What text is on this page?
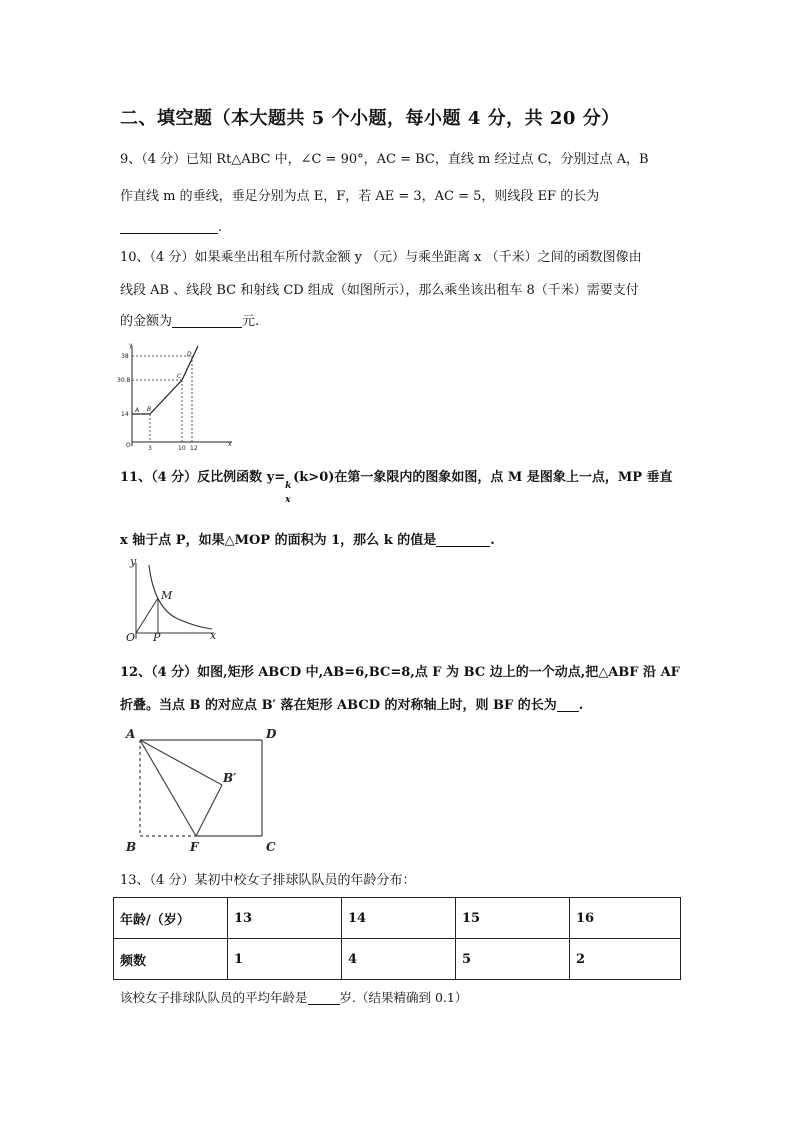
二、填空题（本大题共 5 个小题，每小题 4 分，共 20 分）
9、（4 分）已知 Rt△ABC 中，∠C = 90°，AC = BC，直线 m 经过点 C，分别过点 A，B
作直线 m 的垂线，垂足分别为点 E，F，若 AE = 3，AC = 5，则线段 EF 的长为
.
10、（4 分）如果乘坐出租车所付款金额 y （元）与乘坐距离 x （千米）之间的函数图像由
线段 AB 、线段 BC 和射线 CD 组成（如图所示），那么乘坐该出租车 8（千米）需要支付
的金额为	元.
y
x
O
38
30.8
14
3	10 12
A B
C
D
11、（4 分）反比例函数 y=
k
x
(k>0)在第一象限内的图象如图，点 M 是图象上一点，MP 垂直
x 轴于点 P，如果△MOP 的面积为 1，那么 k 的值是	.
y
x
O
M
P
12、（4 分）如图,矩形 ABCD 中,AB=6,BC=8,点 F 为 BC 边上的一个动点,把△ABF 沿 AF
折叠。当点 B 的对应点 B′ 落在矩形 ABCD 的对称轴上时，则 BF 的长为 .
A	D
B	F	C
B′
13、（4 分）某初中校女子排球队队员的年龄分布：
年龄/（岁）	13	14	15	16
频数	1	4	5	2
该校女子排球队队员的平均年龄是	岁.（结果精确到 0.1）
